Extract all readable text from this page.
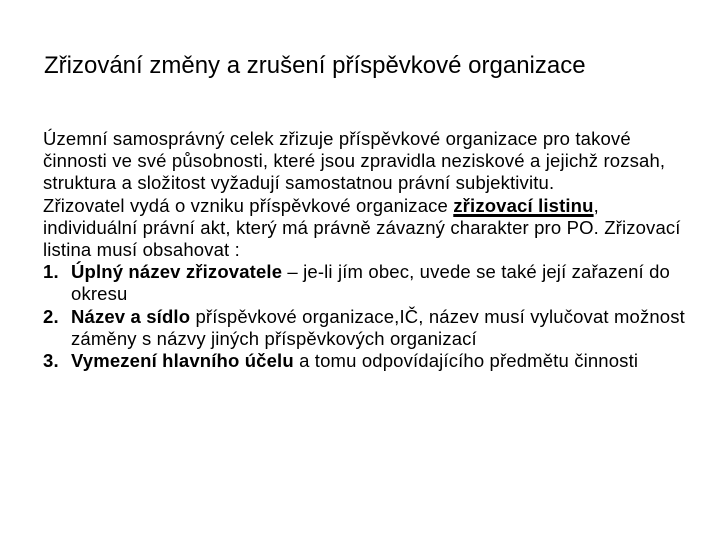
Zřizování změny a zrušení příspěvkové organizace

Územní samosprávný celek zřizuje příspěvkové organizace pro takové činnosti ve své působnosti, které jsou zpravidla neziskové a jejichž rozsah, struktura a složitost vyžadují samostatnou právní subjektivitu.

Zřizovatel vydá o vzniku příspěvkové organizace zřizovací listinu, individuální právní akt, který má právně závazný charakter pro PO. Zřizovací listina musí obsahovat :

1. Úplný název zřizovatele – je-li jím obec, uvede se také její zařazení do okresu
2. Název a sídlo příspěvkové organizace,IČ, název musí vylučovat možnost záměny s názvy jiných příspěvkových organizací
3. Vymezení hlavního účelu a tomu odpovídajícího předmětu činnosti
